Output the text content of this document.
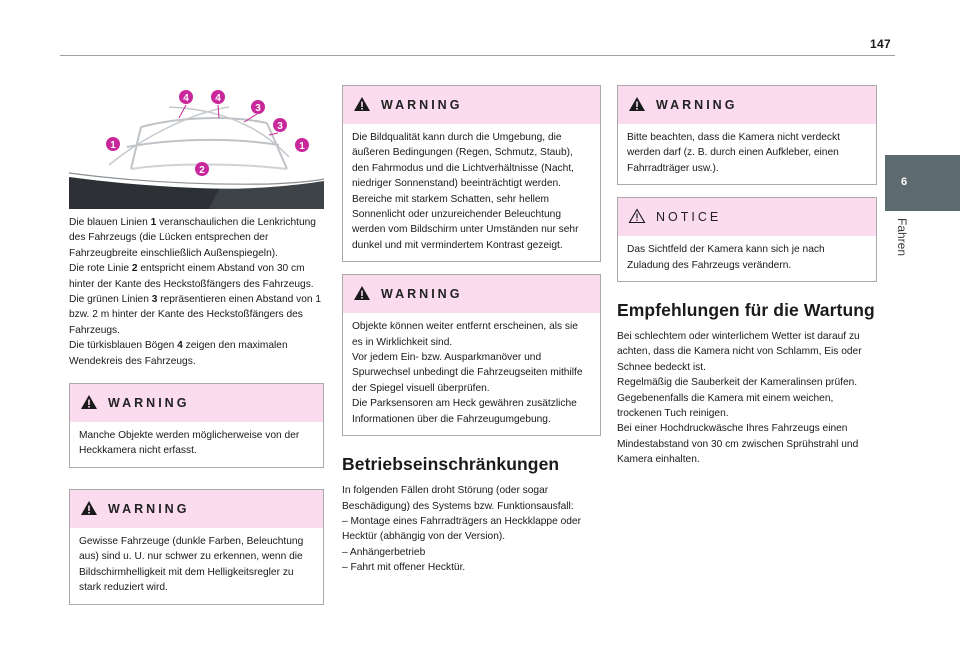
147
6
Fahren
1	1
2
3
3
4	4

Die blauen Linien 1 veranschaulichen die Lenkrichtung des Fahrzeugs (die Lücken entsprechen der Fahrzeugbreite einschließlich Außenspiegeln).

Die rote Linie 2 entspricht einem Abstand von 30 cm hinter der Kante des Heckstoßfängers des Fahrzeugs.

Die grünen Linien 3 repräsentieren einen Abstand von 1 bzw. 2 m hinter der Kante des Heckstoßfängers des Fahrzeugs.

Die türkisblauen Bögen 4 zeigen den maximalen Wendekreis des Fahrzeugs.

WARNING
Manche Objekte werden möglicherweise von der Heckkamera nicht erfasst.
WARNING
Gewisse Fahrzeuge (dunkle Farben, Beleuchtung aus) sind u. U. nur schwer zu erkennen, wenn die Bildschirmhelligkeit mit dem Helligkeitsregler zu stark reduziert wird.
WARNING
Die Bildqualität kann durch die Umgebung, die äußeren Bedingungen (Regen, Schmutz, Staub), den Fahrmodus und die Lichtverhältnisse (Nacht, niedriger Sonnenstand) beeinträchtigt werden.
Bereiche mit starkem Schatten, sehr hellem Sonnenlicht oder unzureichender Beleuchtung werden vom Bildschirm unter Umständen nur sehr dunkel und mit vermindertem Kontrast gezeigt.
WARNING
Objekte können weiter entfernt erscheinen, als sie es in Wirklichkeit sind.
Vor jedem Ein- bzw. Ausparkmanöver und Spurwechsel unbedingt die Fahrzeugseiten mithilfe der Spiegel visuell überprüfen.
Die Parksensoren am Heck gewähren zusätzliche Informationen über die Fahrzeugumgebung.
Betriebseinschränkungen

In folgenden Fällen droht Störung (oder sogar Beschädigung) des Systems bzw. Funktionsausfall:

– Montage eines Fahrradträgers an Heckklappe oder Hecktür (abhängig von der Version).

– Anhängerbetrieb

– Fahrt mit offener Hecktür.

WARNING
Bitte beachten, dass die Kamera nicht verdeckt werden darf (z. B. durch einen Aufkleber, einen Fahrradträger usw.).
NOTICE
Das Sichtfeld der Kamera kann sich je nach Zuladung des Fahrzeugs verändern.
Empfehlungen für die Wartung

Bei schlechtem oder winterlichem Wetter ist darauf zu achten, dass die Kamera nicht von Schlamm, Eis oder Schnee bedeckt ist.

Regelmäßig die Sauberkeit der Kameralinsen prüfen. Gegebenenfalls die Kamera mit einem weichen, trockenen Tuch reinigen.

Bei einer Hochdruckwäsche Ihres Fahrzeugs einen Mindestabstand von 30 cm zwischen Sprühstrahl und Kamera einhalten.
